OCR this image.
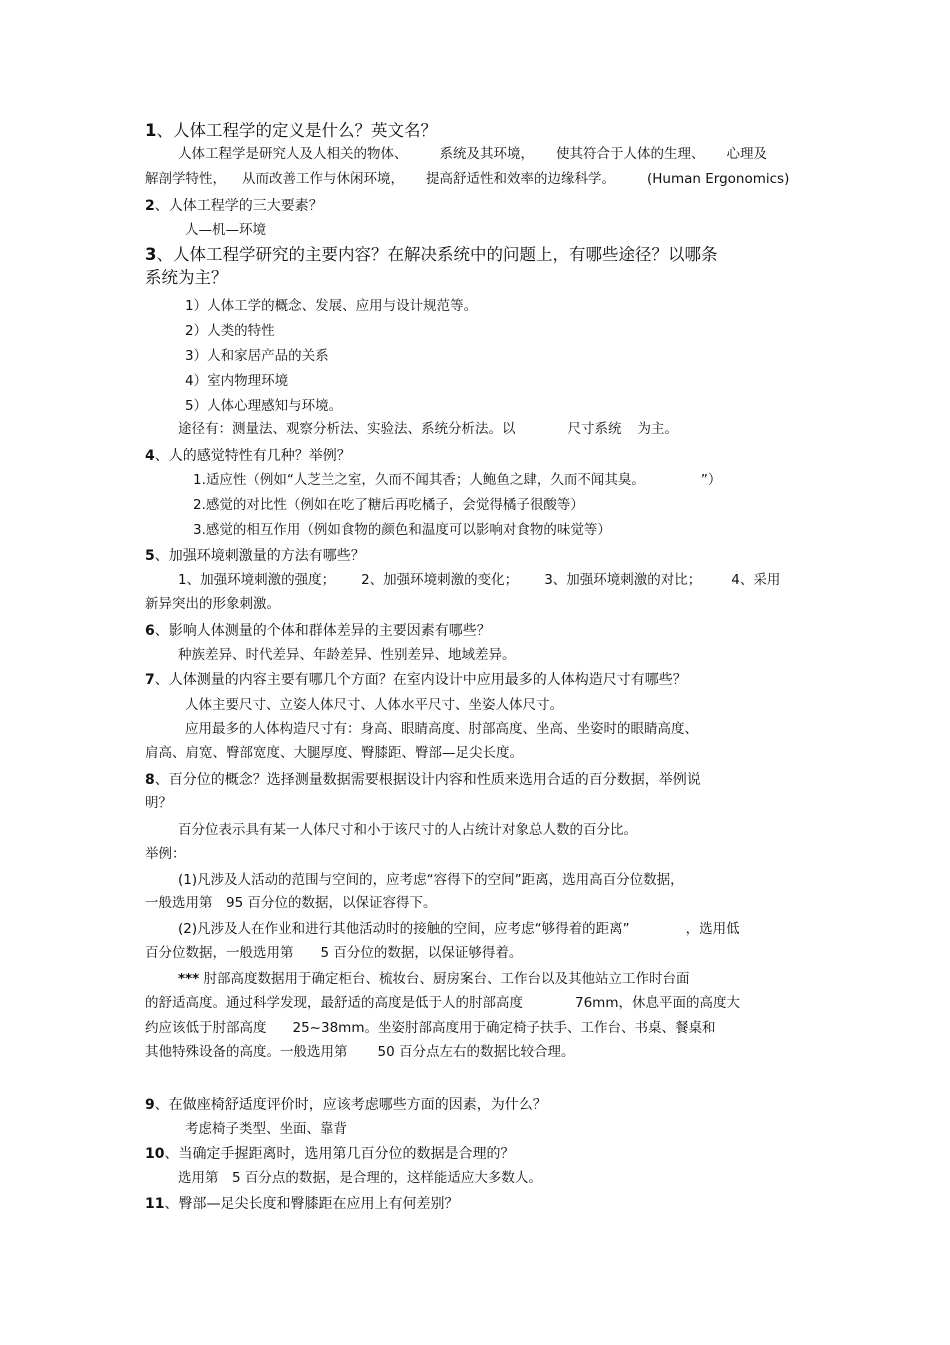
1、人体工程学的定义是什么？英文名？
人体工程学是研究人及人相关的物体、 系统及其环境， 使其符合于人体的生理、 心理及
解剖学特性， 从而改善工作与休闲环境， 提高舒适性和效率的边缘科学。 (Human Ergonomics)
2、人体工程学的三大要素？
人—机—环境
3、人体工程学研究的主要内容？在解决系统中的问题上，有哪些途径？以哪条
系统为主？
1）人体工学的概念、发展、应用与设计规范等。
2）人类的特性
3）人和家居产品的关系
4）室内物理环境
5）人体心理感知与环境。
途径有：测量法、观察分析法、实验法、系统分析法。以	尺寸系统 为主。
4、人的感觉特性有几种？举例？
1.适应性（例如“人芝兰之室，久而不闻其香；人鲍鱼之肆，久而不闻其臭。	”）
2.感觉的对比性（例如在吃了糖后再吃橘子，会觉得橘子很酸等）
3.感觉的相互作用（例如食物的颜色和温度可以影响对食物的味觉等）
5、加强环境刺激量的方法有哪些？
1、加强环境刺激的强度； 2、加强环境刺激的变化； 3、加强环境刺激的对比； 4、采用
新异突出的形象刺激。
6、影响人体测量的个体和群体差异的主要因素有哪些？
种族差异、时代差异、年龄差异、性别差异、地域差异。
7、人体测量的内容主要有哪几个方面？在室内设计中应用最多的人体构造尺寸有哪些？
人体主要尺寸、立姿人体尺寸、人体水平尺寸、坐姿人体尺寸。
应用最多的人体构造尺寸有：身高、眼睛高度、肘部高度、坐高、坐姿时的眼睛高度、
肩高、肩宽、臀部宽度、大腿厚度、臀膝距、臀部—足尖长度。
8、百分位的概念？选择测量数据需要根据设计内容和性质来选用合适的百分数据，举例说
明？
百分位表示具有某一人体尺寸和小于该尺寸的人占统计对象总人数的百分比。
举例：
(1)凡涉及人活动的范围与空间的，应考虑“容得下的空间”距离，选用高百分位数据，
一般选用第　95 百分位的数据，以保证容得下。
(2)凡涉及人在作业和进行其他活动时的接触的空间，应考虑“够得着的距离”	，选用低
百分位数据，一般选用第　　5 百分位的数据，以保证够得着。
*** 肘部高度数据用于确定柜台、梳妆台、厨房案台、工作台以及其他站立工作时台面
的舒适高度。通过科学发现，最舒适的高度是低于人的肘部高度	76mm，休息平面的高度大
约应该低于肘部高度 25~38mm。坐姿肘部高度用于确定椅子扶手、工作台、书桌、餐桌和
其他特殊设备的高度。一般选用第 50 百分点左右的数据比较合理。
9、在做座椅舒适度评价时，应该考虑哪些方面的因素，为什么？
考虑椅子类型、坐面、靠背
10、当确定手握距离时，选用第几百分位的数据是合理的？
选用第　5 百分点的数据，是合理的，这样能适应大多数人。
11、臀部—足尖长度和臀膝距在应用上有何差别？
